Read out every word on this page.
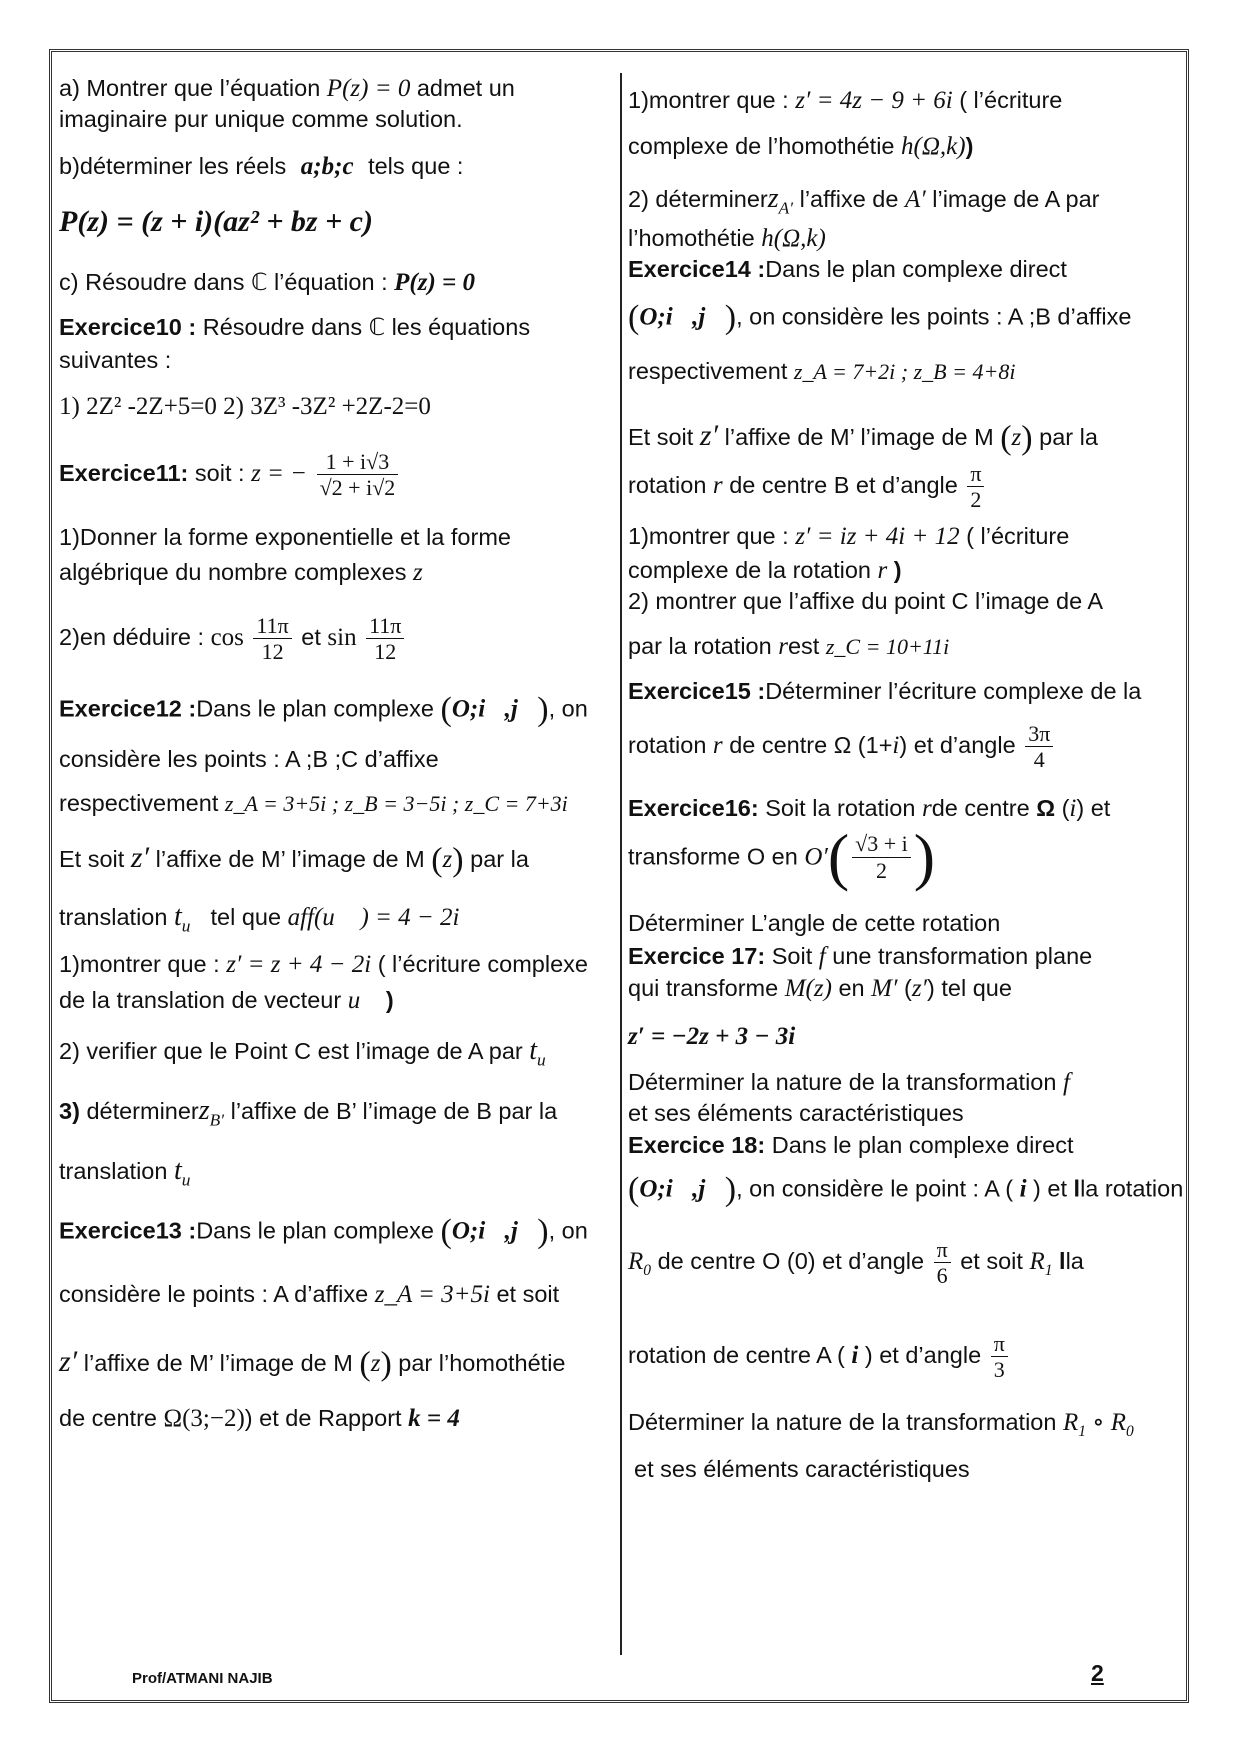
a) Montrer que l’équation P(z) = 0 admet un
imaginaire pur unique comme solution.
b)déterminer les réels a;b;c tels que :
P(z) = (z + i)(az² + bz + c)
c) Résoudre dans ℂ l’équation : P(z) = 0
Exercice10 : Résoudre dans ℂ les équations
suivantes :
1) 2Z² -2Z+5=0 2) 3Z³ -3Z² +2Z-2=0
Exercice11: soit : z = − $\frac{1 + i√3}{√2 + i√2}$
1)Donner la forme exponentielle et la forme
algébrique du nombre complexes z
2)en déduire : $\cos \frac{11\pi}{12}$ et $\sin \frac{11\pi}{12}$
Exercice12 :Dans le plan complexe (O;i⃗,j⃗), on
considère les points : A ;B ;C d’affixe
respectivement z_A = 3+5i ; z_B = 3−5i ; z_C = 7+3i
Et soit z′ l’affixe de M’ l’image de M (z) par la
translation $t_{u⃗}$ tel que aff(u⃗ ) = 4 − 2i
1)montrer que : z′ = z + 4 − 2i ( l’écriture complexe
de la translation de vecteur u⃗ )
2) verifier que le Point C est l’image de A par $t_{u⃗}$
3) déterminerz$_{B'}$ l’affixe de B’ l’image de B par la
translation $t_{u⃗}$
Exercice13 :Dans le plan complexe (O;i⃗,j⃗), on
considère le points : A d’affixe z_A = 3+5i et soit
z′ l’affixe de M’ l’image de M (z) par l’homothétie
de centre Ω(3;−2)) et de Rapport k = 4
1)montrer que : z′ = 4z − 9 + 6i ( l’écriture
complexe de l’homothétie h(Ω,k))
2) déterminerz$_{A'}$ l’affixe de A′ l’image de A par
l’homothétie h(Ω,k)
Exercice14 :Dans le plan complexe direct
(O;i⃗,j⃗), on considère les points : A ;B d’affixe
respectivement z_A = 7+2i ; z_B = 4+8i
Et soit z′ l’affixe de M’ l’image de M (z) par la
rotation r de centre B et d’angle $\frac{\pi}{2}$
1)montrer que : z′ = iz + 4i + 12 ( l’écriture
complexe de la rotation r )
2) montrer que l’affixe du point C l’image de A
par la rotation rest z_C = 10+11i
Exercice15 :Déterminer l’écriture complexe de la
rotation r de centre Ω (1+i) et d’angle $\frac{3\pi}{4}$
Exercice16: Soit la rotation rde centre Ω (i) et
transforme O en $O'( \frac{√3 + i}{2}$ )
Déterminer L’angle de cette rotation
Exercice 17: Soit f une transformation plane
qui transforme M(z) en M′ (z′) tel que
z′ = −2z + 3 − 3i
Déterminer la nature de la transformation f
et ses éléments caractéristiques
Exercice 18: Dans le plan complexe direct
(O;i⃗,j⃗), on considère le point : A ( i ) et lla rotation
$R_0$ de centre O (0) et d’angle $\frac{\pi}{6}$ et soit $R_1$ lla
rotation de centre A ( i ) et d’angle $\frac{\pi}{3}$
Déterminer la nature de la transformation $R_1$ ∘ $R_0$
et ses éléments caractéristiques
Prof/ATMANI NAJIB	2
